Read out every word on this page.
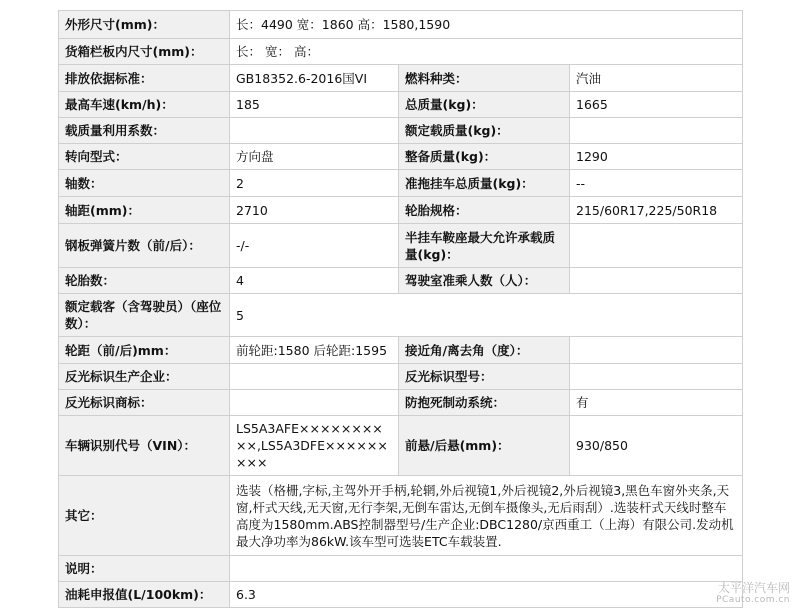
外形尺寸(mm)：	长：4490 宽：1860 高：1580,1590		
货箱栏板内尺寸(mm)：	长： 宽： 高：		
排放依据标准：	GB18352.6-2016国VI	燃料种类：	汽油
最高车速(km/h)：	185	总质量(kg)：	1665
载质量利用系数：		额定载质量(kg)：	
转向型式：	方向盘	整备质量(kg)：	1290
轴数：	2	准拖挂车总质量(kg)：	--
轴距(mm)：	2710	轮胎规格：	215/60R17,225/50R18
钢板弹簧片数（前/后）：	-/-	半挂车鞍座最大允许承载质量(kg)：	
轮胎数：	4	驾驶室准乘人数（人）：	
额定载客（含驾驶员）（座位数）：	5		
轮距（前/后)mm：	前轮距:1580 后轮距:1595	接近角/离去角（度）：	
反光标识生产企业：		反光标识型号：	
反光标识商标：		防抱死制动系统：	有
车辆识别代号（VIN）：	LS5A3AFE××××××××××,LS5A3DFE×××××××××	前悬/后悬(mm)：	930/850
其它：	选装（格栅,字标,主驾外开手柄,轮辋,外后视镜1,外后视镜2,外后视镜3,黑色车窗外夹条,天窗,杆式天线,无天窗,无行李架,无倒车雷达,无倒车摄像头,无后雨刮）.选装杆式天线时整车高度为1580mm.ABS控制器型号/生产企业:DBC1280/京西重工（上海）有限公司.发动机最大净功率为86kW.该车型可选装ETC车载装置.		
说明：			
油耗申报值(L/100km)：	6.3			太平洋汽车网
PCauto.com.cn
